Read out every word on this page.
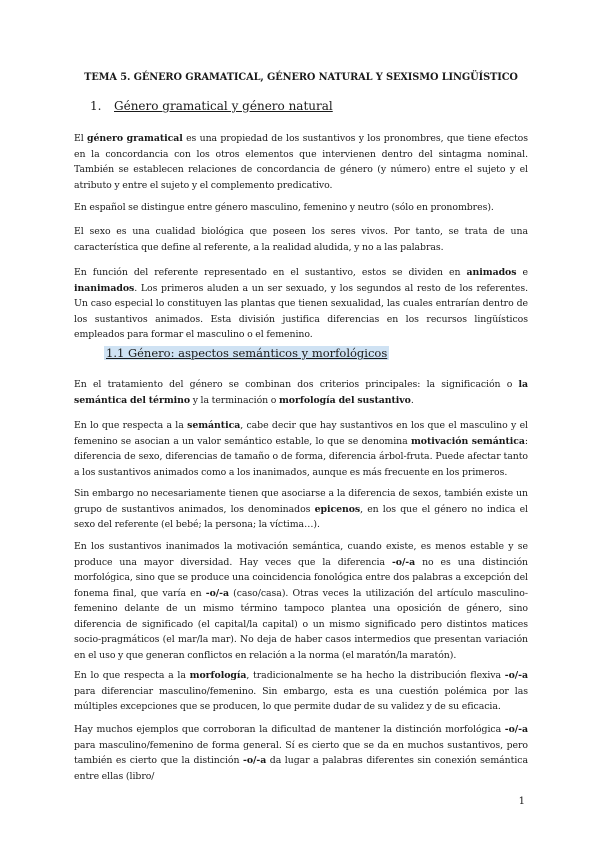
TEMA 5. GÉNERO GRAMATICAL, GÉNERO NATURAL Y SEXISMO LINGÜÍSTICO
1. Género gramatical y género natural
El género gramatical es una propiedad de los sustantivos y los pronombres, que tiene efectos en la concordancia con los otros elementos que intervienen dentro del sintagma nominal. También se establecen relaciones de concordancia de género (y número) entre el sujeto y el atributo y entre el sujeto y el complemento predicativo.
En español se distingue entre género masculino, femenino y neutro (sólo en pronombres).
El sexo es una cualidad biológica que poseen los seres vivos. Por tanto, se trata de una característica que define al referente, a la realidad aludida, y no a las palabras.
En función del referente representado en el sustantivo, estos se dividen en animados e inanimados. Los primeros aluden a un ser sexuado, y los segundos al resto de los referentes. Un caso especial lo constituyen las plantas que tienen sexualidad, las cuales entrarían dentro de los sustantivos animados. Esta división justifica diferencias en los recursos lingüísticos empleados para formar el masculino o el femenino.
1.1 Género: aspectos semánticos y morfológicos
En el tratamiento del género se combinan dos criterios principales: la significación o la semántica del término y la terminación o morfología del sustantivo.
En lo que respecta a la semántica, cabe decir que hay sustantivos en los que el masculino y el femenino se asocian a un valor semántico estable, lo que se denomina motivación semántica: diferencia de sexo, diferencias de tamaño o de forma, diferencia árbol-fruta. Puede afectar tanto a los sustantivos animados como a los inanimados, aunque es más frecuente en los primeros.
Sin embargo no necesariamente tienen que asociarse a la diferencia de sexos, también existe un grupo de sustantivos animados, los denominados epicenos, en los que el género no indica el sexo del referente (el bebé; la persona; la víctima…).
En los sustantivos inanimados la motivación semántica, cuando existe, es menos estable y se produce una mayor diversidad. Hay veces que la diferencia -o/-a no es una distinción morfológica, sino que se produce una coincidencia fonológica entre dos palabras a excepción del fonema final, que varía en -o/-a (caso/casa). Otras veces la utilización del artículo masculino-femenino delante de un mismo término tampoco plantea una oposición de género, sino diferencia de significado (el capital/la capital) o un mismo significado pero distintos matices socio-pragmáticos (el mar/la mar). No deja de haber casos intermedios que presentan variación en el uso y que generan conflictos en relación a la norma (el maratón/la maratón).
En lo que respecta a la morfología, tradicionalmente se ha hecho la distribución flexiva -o/-a para diferenciar masculino/femenino. Sin embargo, esta es una cuestión polémica por las múltiples excepciones que se producen, lo que permite dudar de su validez y de su eficacia.
Hay muchos ejemplos que corroboran la dificultad de mantener la distinción morfológica -o/-a para masculino/femenino de forma general. Sí es cierto que se da en muchos sustantivos, pero también es cierto que la distinción -o/-a da lugar a palabras diferentes sin conexión semántica entre ellas (libro/
1
